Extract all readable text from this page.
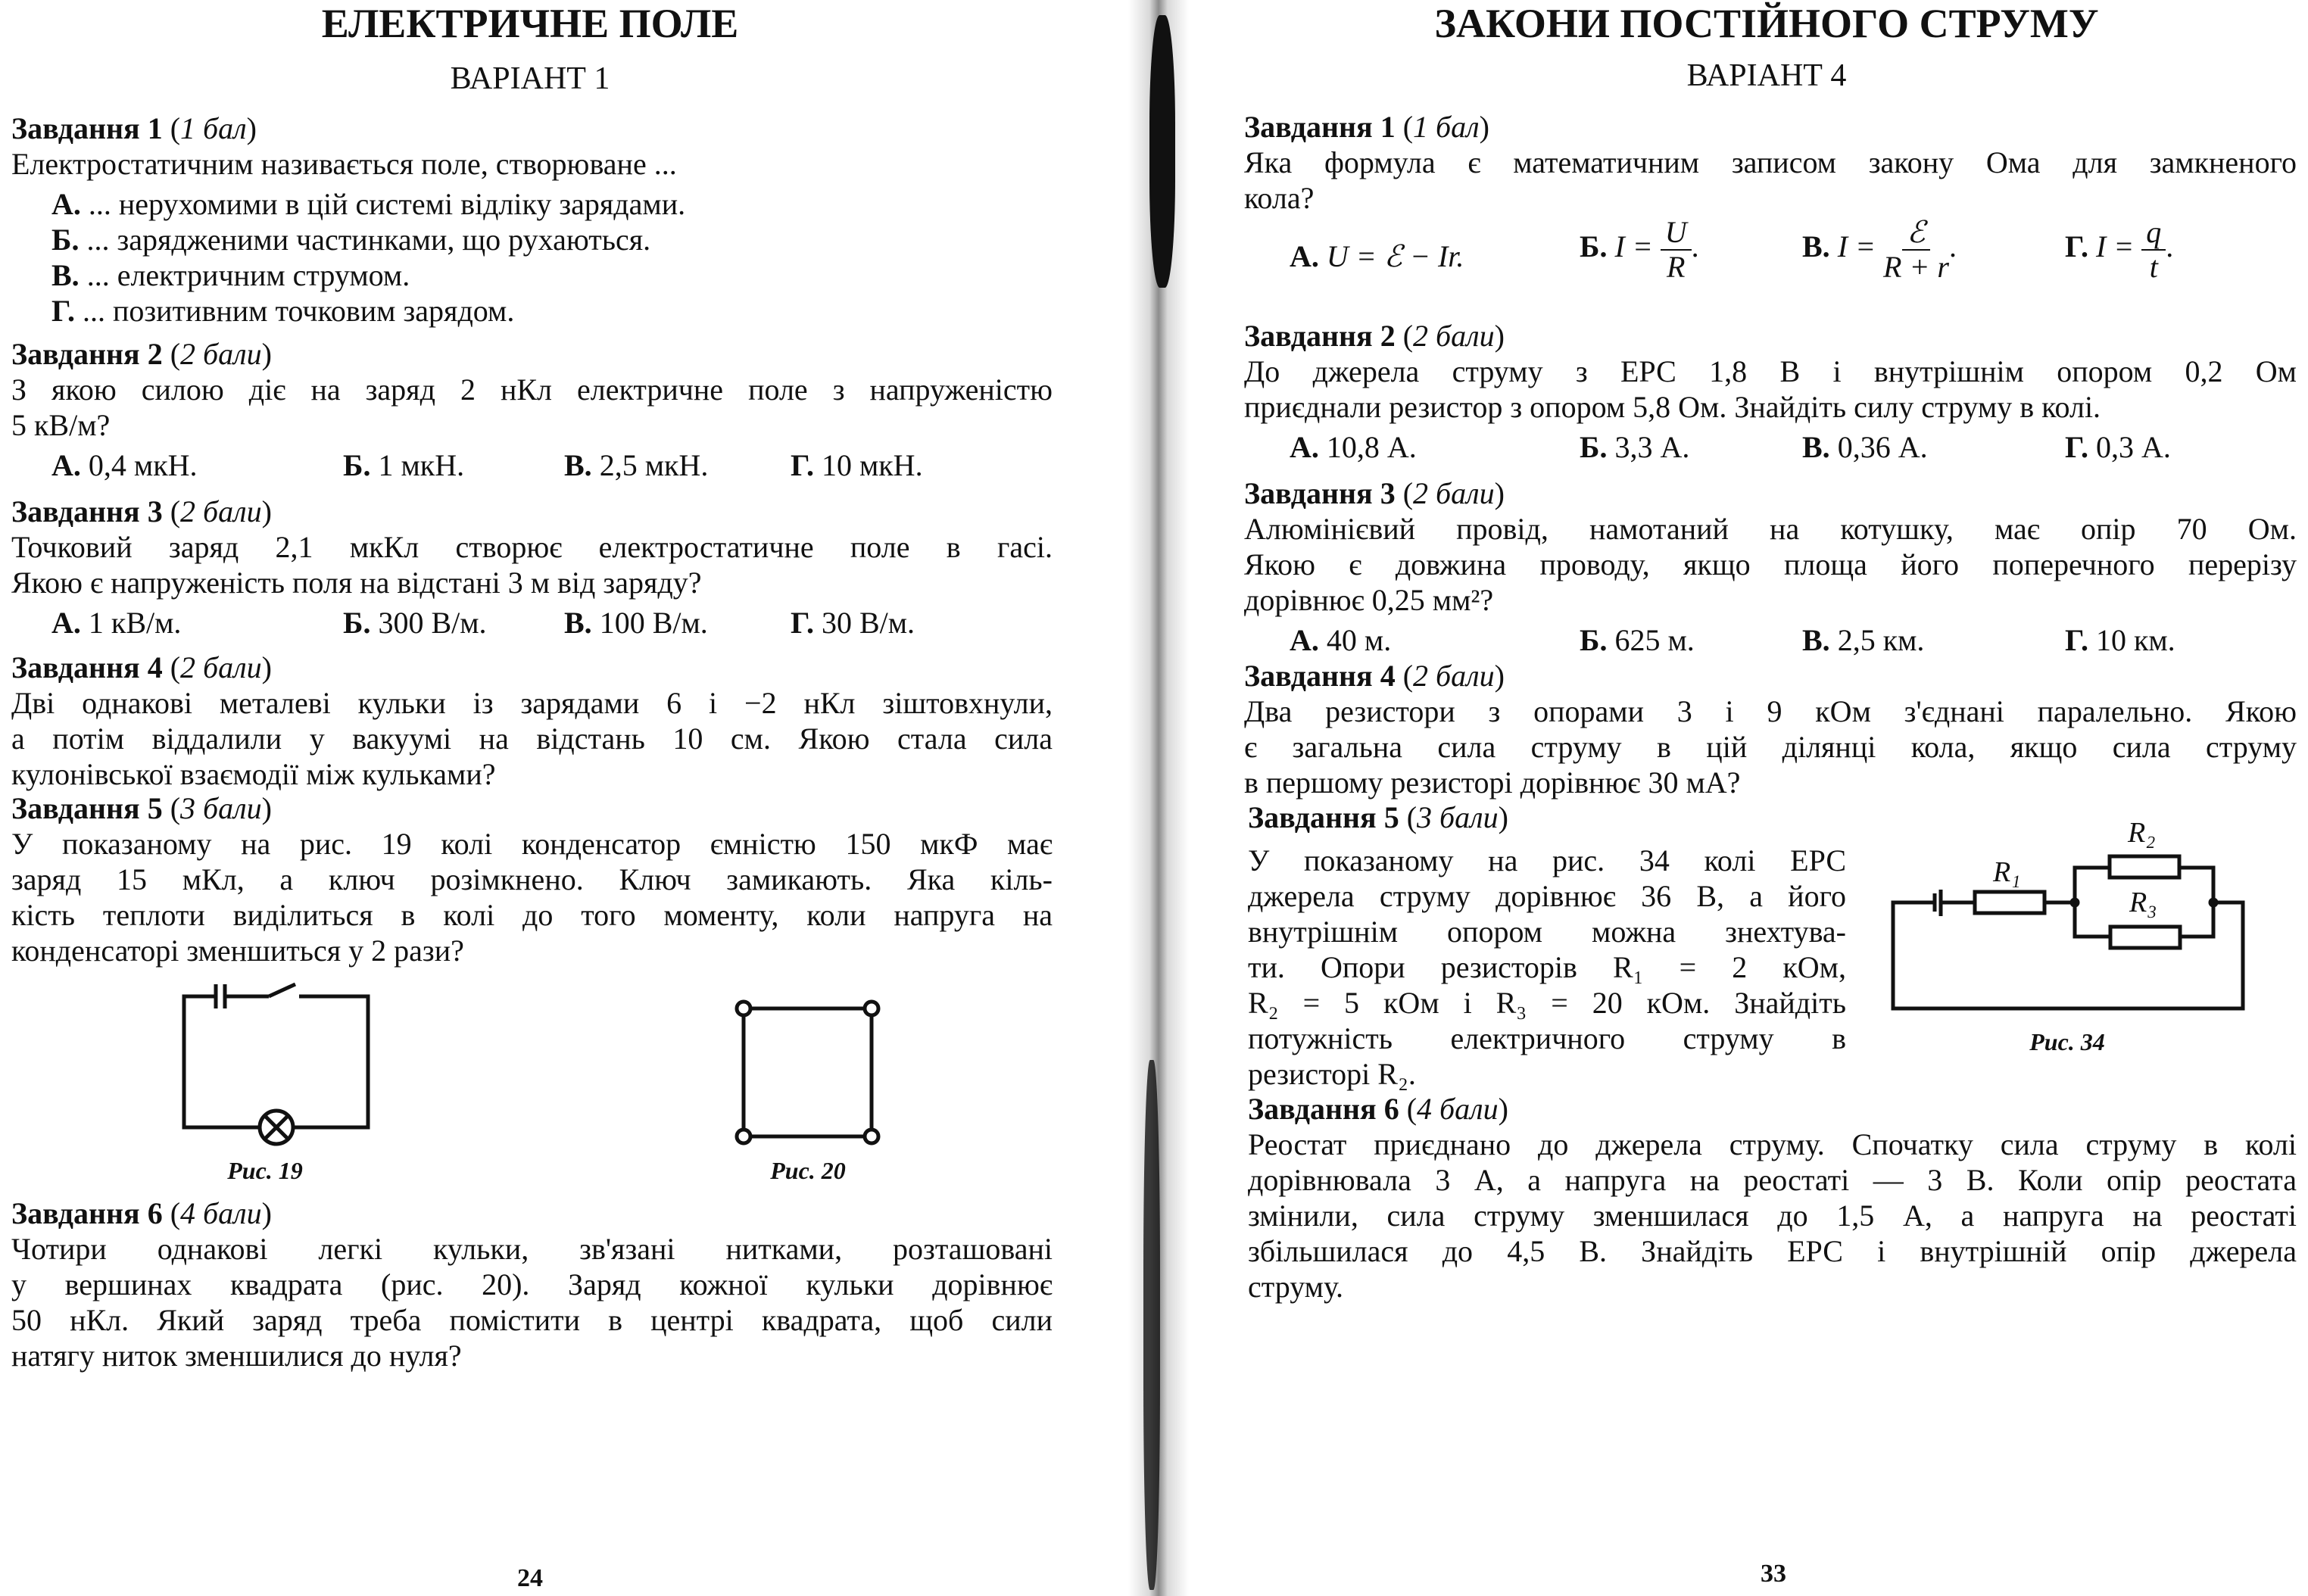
ЕЛЕКТРИЧНЕ ПОЛЕ
ВАРІАНТ 1
Завдання 1 (1 бал)
Електростатичним називається поле, створюване ...
А. ... нерухомими в цій системі відліку зарядами.
Б. ... зарядженими частинками, що рухаються.
В. ... електричним струмом.
Г. ... позитивним точковим зарядом.
Завдання 2 (2 бали)
З якою силою діє на заряд 2 нКл електричне поле з напруженістю
5 кВ/м?
А. 0,4 мкН.	Б. 1 мкН.	В. 2,5 мкН.	Г. 10 мкН.
Завдання 3 (2 бали)
Точковий заряд 2,1 мкКл створює електростатичне поле в гасі.
Якою є напруженість поля на відстані 3 м від заряду?
А. 1 кВ/м.	Б. 300 В/м.	В. 100 В/м.	Г. 30 В/м.
Завдання 4 (2 бали)
Дві однакові металеві кульки із зарядами 6 і −2 нКл зіштовхнули,
а потім віддалили у вакуумі на відстань 10 см. Якою стала сила
кулонівської взаємодії між кульками?
Завдання 5 (3 бали)
У показаному на рис. 19 колі конденсатор ємністю 150 мкФ має
заряд 15 мКл, а ключ розімкнено. Ключ замикають. Яка кіль-
кість теплоти виділиться в колі до того моменту, коли напруга на
конденсаторі зменшиться у 2 рази?
Завдання 6 (4 бали)
Чотири однакові легкі кульки, зв'язані нитками, розташовані
у вершинах квадрата (рис. 20). Заряд кожної кульки дорівнює
50 нКл. Який заряд треба помістити в центрі квадрата, щоб сили
натягу ниток зменшилися до нуля?
Рис. 19	Рис. 20
24
ЗАКОНИ ПОСТІЙНОГО СТРУМУ
ВАРІАНТ 4
Завдання 1 (1 бал)
Яка формула є математичним записом закону Ома для замкненого
кола?
А. U = ℰ − Ir.	Б. $I = \frac{U}{R}$ .	В. $I = \frac{\text{ℰ}}{R + r}$ .	Г. $I = \frac{q}{t}$ .
Завдання 2 (2 бали)
До джерела струму з ЕРС 1,8 В і внутрішнім опором 0,2 Ом
приєднали резистор з опором 5,8 Ом. Знайдіть силу струму в колі.
А. 10,8 А.	Б. 3,3 А.	В. 0,36 А.	Г. 0,3 А.
Завдання 3 (2 бали)
Алюмінієвий провід, намотаний на котушку, має опір 70 Ом.
Якою є довжина проводу, якщо площа його поперечного перерізу
дорівнює 0,25 мм²?
А. 40 м.	Б. 625 м.	В. 2,5 км.	Г. 10 км.
Завдання 4 (2 бали)
Два резистори з опорами 3 і 9 кОм з'єднані паралельно. Якою
є загальна сила струму в цій ділянці кола, якщо сила струму
в першому резисторі дорівнює 30 мА?
Завдання 5 (3 бали)
У показаному на рис. 34 колі ЕРС
джерела струму дорівнює 36 В, а його
внутрішнім опором можна знехтува-
ти. Опори резисторів R₁ = 2 кОм,
R₂ = 5 кОм і R₃ = 20 кОм. Знайдіть
потужність електричного струму в
резисторі R₂.
R₁
R₂
R₃
Рис. 34
Завдання 6 (4 бали)
Реостат приєднано до джерела струму. Спочатку сила струму в колі
дорівнювала 3 А, а напруга на реостаті — 3 В. Коли опір реостата
змінили, сила струму зменшилася до 1,5 А, а напруга на реостаті
збільшилася до 4,5 В. Знайдіть ЕРС і внутрішній опір джерела
струму.
33
